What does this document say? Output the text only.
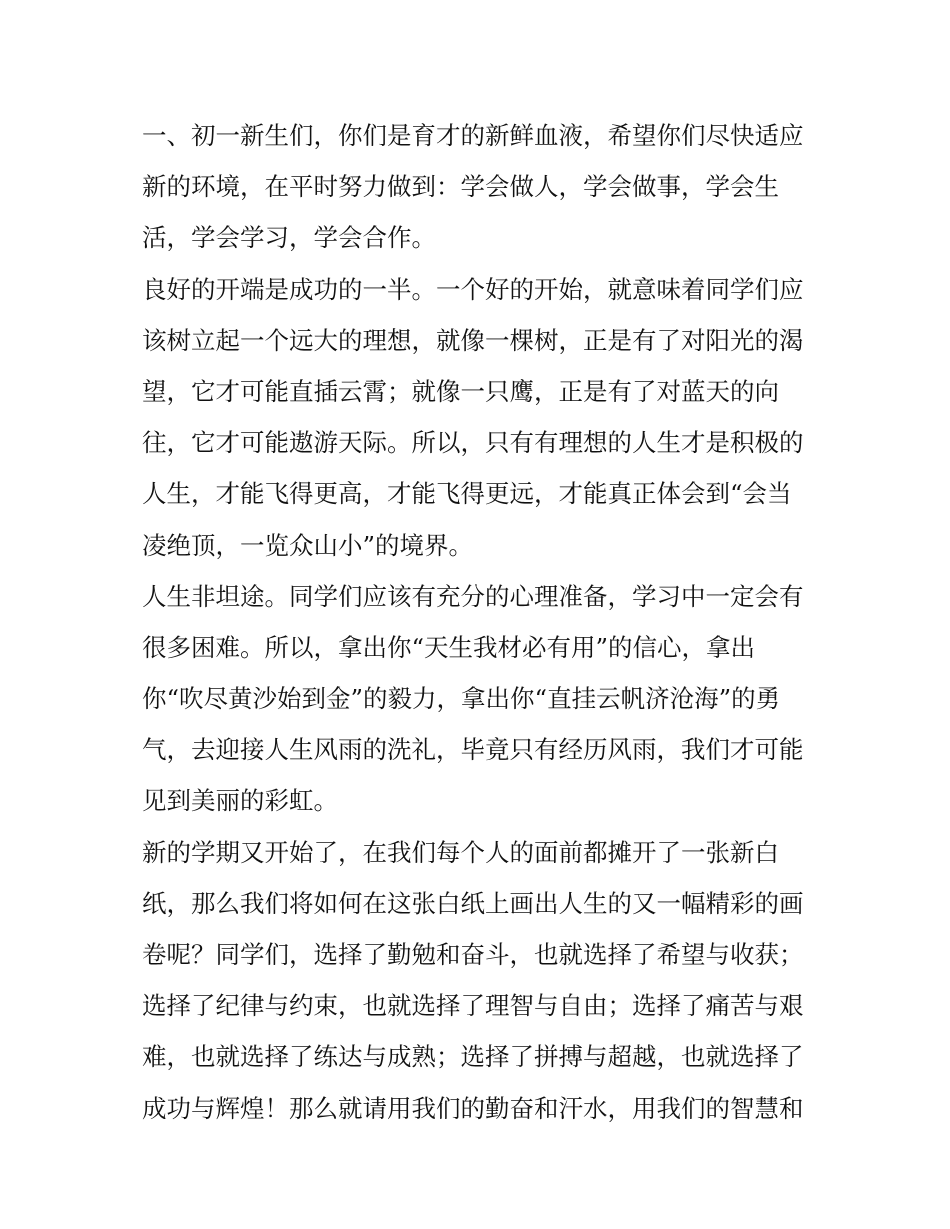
一、初一新生们，你们是育才的新鲜血液，希望你们尽快适应
新的环境，在平时努力做到：学会做人，学会做事，学会生
活，学会学习，学会合作。
良好的开端是成功的一半。一个好的开始，就意味着同学们应
该树立起一个远大的理想，就像一棵树，正是有了对阳光的渴
望，它才可能直插云霄；就像一只鹰，正是有了对蓝天的向
往，它才可能遨游天际。所以，只有有理想的人生才是积极的
人生，才能飞得更高，才能飞得更远，才能真正体会到“会当
凌绝顶，一览众山小”的境界。
人生非坦途。同学们应该有充分的心理准备，学习中一定会有
很多困难。所以，拿出你“天生我材必有用”的信心，拿出
你“吹尽黄沙始到金”的毅力，拿出你“直挂云帆济沧海”的勇
气，去迎接人生风雨的洗礼，毕竟只有经历风雨，我们才可能
见到美丽的彩虹。
新的学期又开始了，在我们每个人的面前都摊开了一张新白
纸，那么我们将如何在这张白纸上画出人生的又一幅精彩的画
卷呢？同学们，选择了勤勉和奋斗，也就选择了希望与收获；
选择了纪律与约束，也就选择了理智与自由；选择了痛苦与艰
难，也就选择了练达与成熟；选择了拼搏与超越，也就选择了
成功与辉煌！那么就请用我们的勤奋和汗水，用我们的智慧和
